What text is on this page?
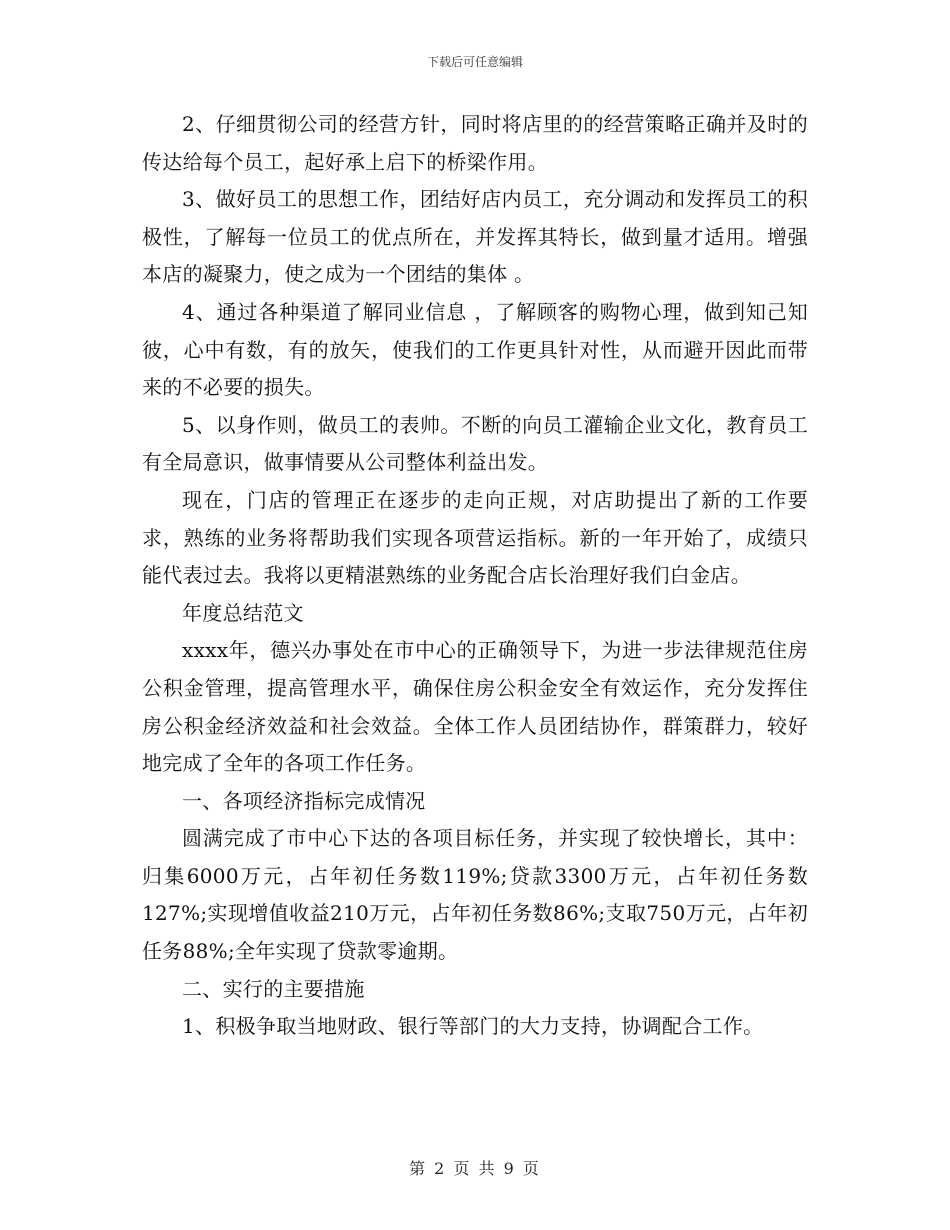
下载后可任意编辑

2、仔细贯彻公司的经营方针，同时将店里的的经营策略正确并及时的传达给每个员工，起好承上启下的桥梁作用。

3、做好员工的思想工作，团结好店内员工，充分调动和发挥员工的积极性，了解每一位员工的优点所在，并发挥其特长，做到量才适用。增强本店的凝聚力，使之成为一个团结的集体 。

4、通过各种渠道了解同业信息 ，了解顾客的购物心理，做到知己知彼，心中有数，有的放矢，使我们的工作更具针对性，从而避开因此而带来的不必要的损失。

5、以身作则，做员工的表帅。不断的向员工灌输企业文化，教育员工有全局意识，做事情要从公司整体利益出发。

现在，门店的管理正在逐步的走向正规，对店助提出了新的工作要求，熟练的业务将帮助我们实现各项营运指标。新的一年开始了，成绩只能代表过去。我将以更精湛熟练的业务配合店长治理好我们白金店。

年度总结范文

xxxx年，德兴办事处在市中心的正确领导下，为进一步法律规范住房公积金管理，提高管理水平，确保住房公积金安全有效运作，充分发挥住房公积金经济效益和社会效益。全体工作人员团结协作，群策群力，较好地完成了全年的各项工作任务。

一、各项经济指标完成情况

圆满完成了市中心下达的各项目标任务，并实现了较快增长，其中：归集6000万元，占年初任务数119%;贷款3300万元，占年初任务数127%;实现增值收益210万元，占年初任务数86%;支取750万元，占年初任务88%;全年实现了贷款零逾期。

二、实行的主要措施

1、积极争取当地财政、银行等部门的大力支持，协调配合工作。

第 2 页 共 9 页
